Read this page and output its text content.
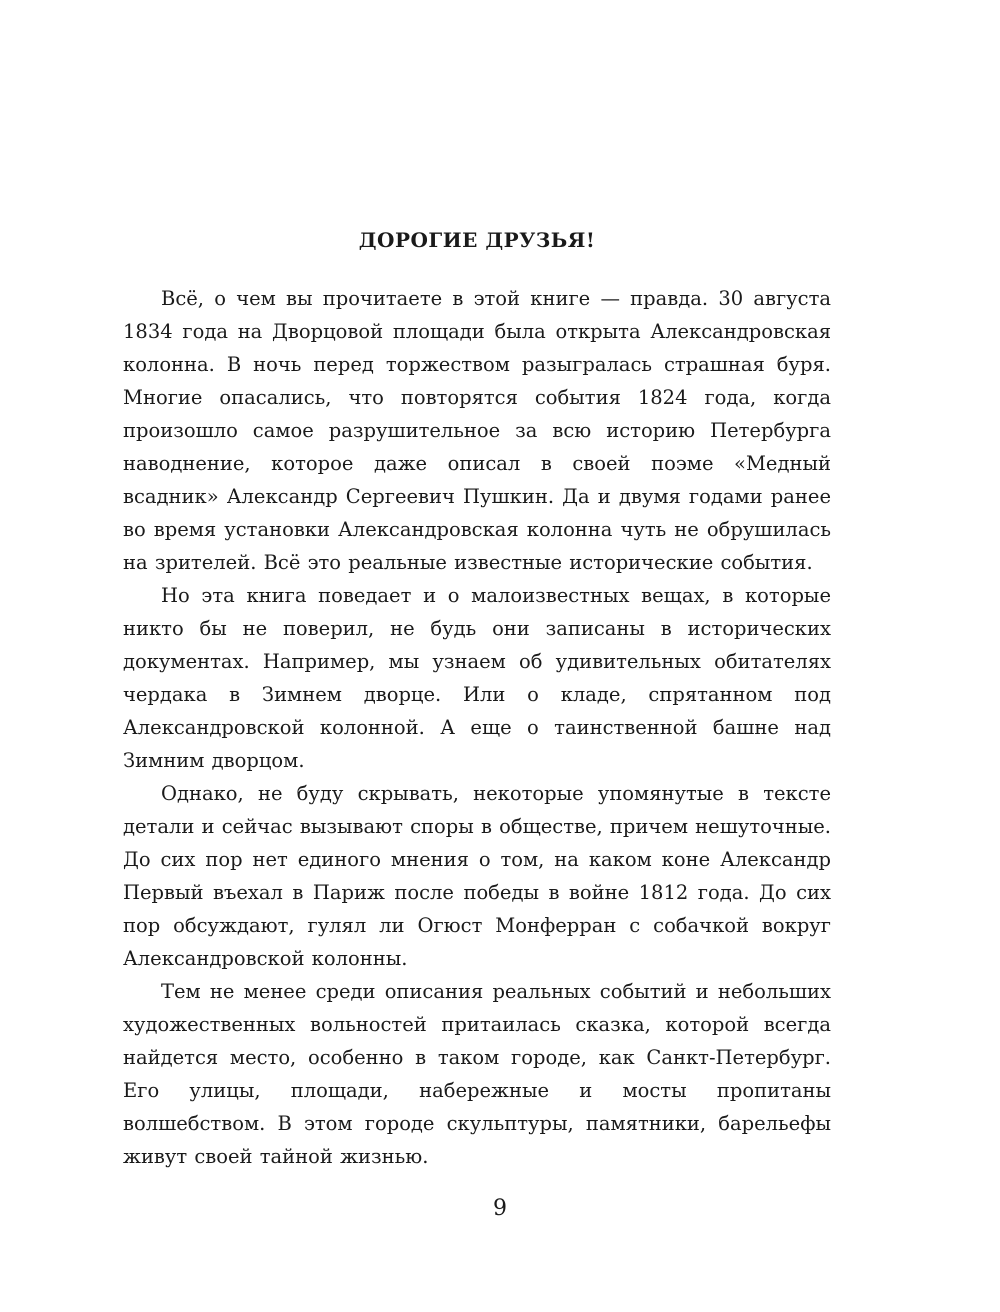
ДОРОГИЕ ДРУЗЬЯ!

Всё, о чем вы прочитаете в этой книге — правда. 30 августа 1834 года на Дворцовой площади была открыта Александровская колонна. В ночь перед торжеством разыгралась страшная буря. Многие опасались, что повторятся события 1824 года, когда произошло самое разрушительное за всю историю Петербурга наводнение, которое даже описал в своей поэме «Медный всадник» Александр Сергеевич Пушкин. Да и двумя годами ранее во время установки Александровская колонна чуть не обрушилась на зрителей. Всё это реальные известные исторические события.

Но эта книга поведает и о малоизвестных вещах, в которые никто бы не поверил, не будь они записаны в исторических документах. Например, мы узнаем об удивительных обитателях чердака в Зимнем дворце. Или о кладе, спрятанном под Александровской колонной. А еще о таинственной башне над Зимним дворцом.

Однако, не буду скрывать, некоторые упомянутые в тексте детали и сейчас вызывают споры в обществе, причем нешуточные. До сих пор нет единого мнения о том, на каком коне Александр Первый въехал в Париж после победы в войне 1812 года. До сих пор обсуждают, гулял ли Огюст Монферран с собачкой вокруг Александровской колонны.

Тем не менее среди описания реальных событий и небольших художественных вольностей притаилась сказка, которой всегда найдется место, особенно в таком городе, как Санкт-Петербург. Его улицы, площади, набережные и мосты пропитаны волшебством. В этом городе скульптуры, памятники, барельефы живут своей тайной жизнью.

9
